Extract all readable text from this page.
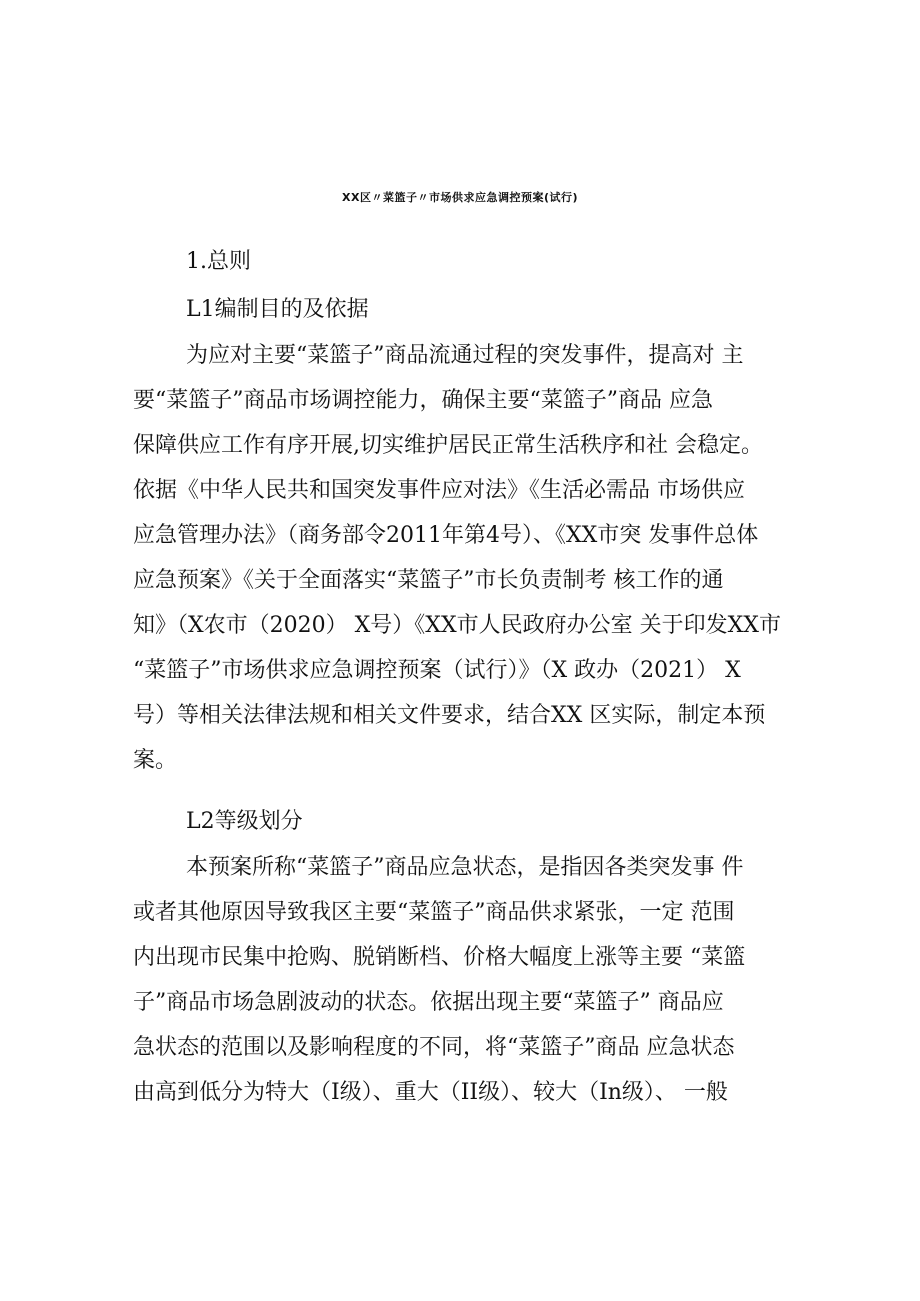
XX区〃菜篮子〃市场供求应急调控预案(试行)

1.总则

L1编制目的及依据

为应对主要“菜篮子”商品流通过程的突发事件，提高对 主

要“菜篮子”商品市场调控能力，确保主要“菜篮子”商品 应急

保障供应工作有序开展,切实维护居民正常生活秩序和社 会稳定。

依据《中华人民共和国突发事件应对法》《生活必需品 市场供应

应急管理办法》（商务部令2011年第4号）、《XX市突 发事件总体

应急预案》《关于全面落实“菜篮子”市长负责制考 核工作的通

知》（X农市（2020） X号）《XX市人民政府办公室 关于印发XX市

“菜篮子”市场供求应急调控预案（试行）》（X 政办（2021） X

号）等相关法律法规和相关文件要求，结合XX 区实际，制定本预

案。

L2等级划分

本预案所称“菜篮子”商品应急状态，是指因各类突发事 件

或者其他原因导致我区主要“菜篮子”商品供求紧张，一定 范围

内出现市民集中抢购、脱销断档、价格大幅度上涨等主要 “菜篮

子”商品市场急剧波动的状态。依据出现主要“菜篮子” 商品应

急状态的范围以及影响程度的不同，将“菜篮子”商品 应急状态

由高到低分为特大（I级）、重大（II级）、较大（In级）、 一般
